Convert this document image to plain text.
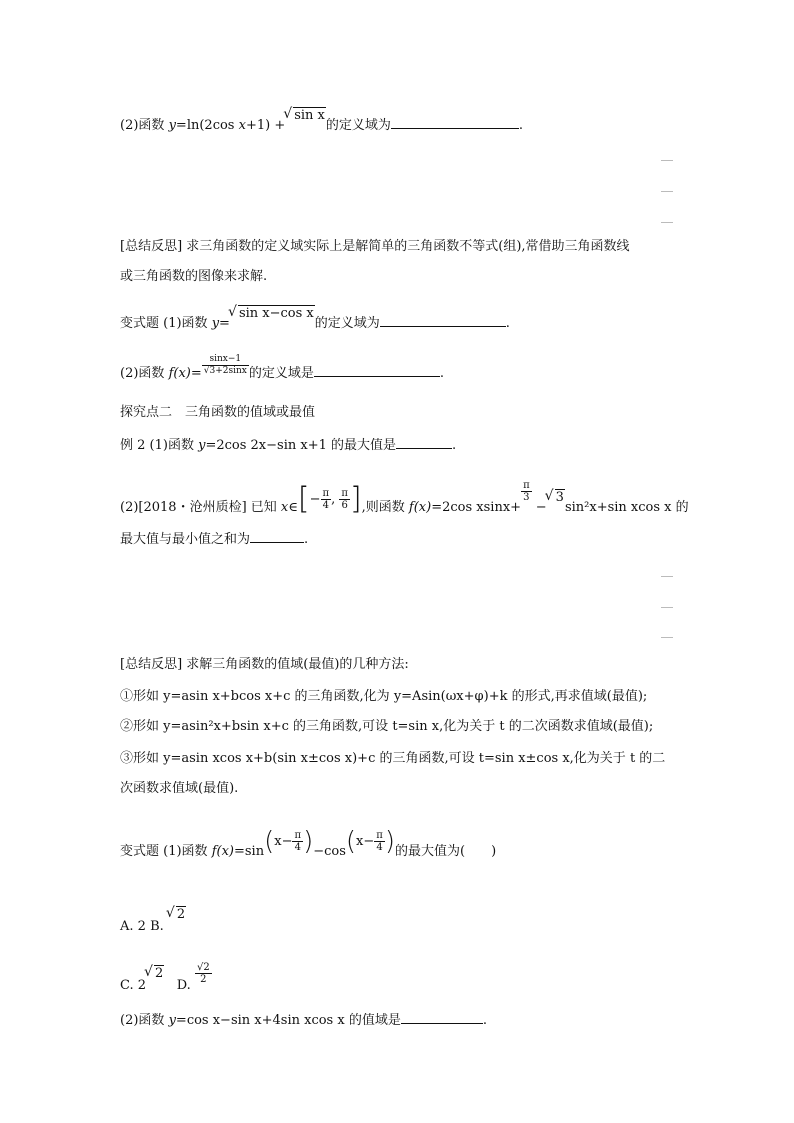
(2)函数 y=ln(2cos x+1) +√ sin x的定义域为	.
[总结反思] 求三角函数的定义域实际上是解简单的三角函数不等式(组),常借助三角函数线
或三角函数的图像来求解.
变式题 (1)函数 y=√ sin x−cos x的定义域为	.
(2)函数 $f(x)= \frac{\sin x-1}{√3+2\sin x}$ 的定义域是	.
探究点二　三角函数的值域或最值
例 2 (1)函数 y=2cos 2x−sin x+1 的最大值是	.
(2)[2018・沧州质检] 已知 x∈[− $\frac{\pi}{4}$ , $\frac{\pi}{6}$ ],则函数 f(x)=2cos xsinx+
$\frac{\pi}{3}$
−√ 3sin²x+sin xcos x 的
最大值与最小值之和为	.
[总结反思] 求解三角函数的值域(最值)的几种方法:
①形如 y=asin x+bcos x+c 的三角函数,化为 y=Asin(ωx+φ)+k 的形式,再求值域(最值);
②形如 y=asin²x+bsin x+c 的三角函数,可设 t=sin x,化为关于 t 的二次函数求值域(最值);
③形如 y=asin xcos x+b(sin x±cos x)+c 的三角函数,可设 t=sin x±cos x,化为关于 t 的二
次函数求值域(最值).
变式题 (1)函数 $f(x)=\sin(x- \frac{\pi}{4} )-\cos(x- \frac{\pi}{4}$ )的最大值为(　　)
A. 2 B. √ 2
C. 2√ 2   D.
$\frac{√2}{2}$
(2)函数 y=cos x−sin x+4sin xcos x 的值域是	.
